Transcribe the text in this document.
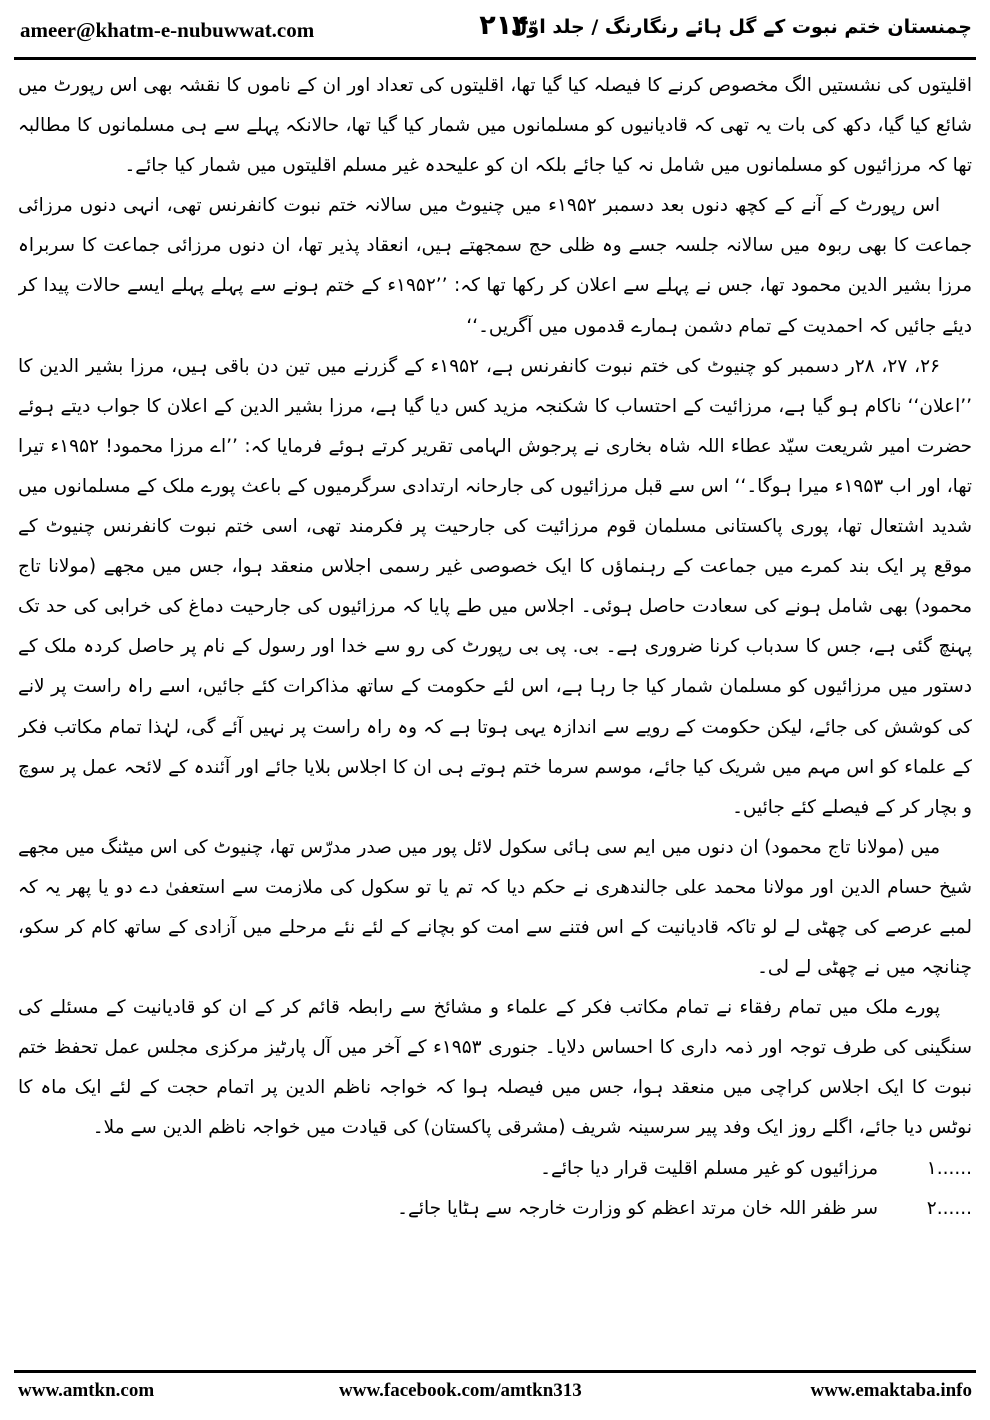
ameer@khatm-e-nubuwwat.com	۲۱۴
چمنستان ختم نبوت کے گل ہائے رنگارنگ / جلد اوّل

اقلیتوں کی نشستیں الگ مخصوص کرنے کا فیصلہ کیا گیا تھا، اقلیتوں کی تعداد اور ان کے ناموں کا نقشہ بھی اس رپورٹ میں شائع کیا گیا، دکھ کی بات یہ تھی کہ قادیانیوں کو مسلمانوں میں شمار کیا گیا تھا، حالانکہ پہلے سے ہی مسلمانوں کا مطالبہ تھا کہ مرزائیوں کو مسلمانوں میں شامل نہ کیا جائے بلکہ ان کو علیحدہ غیر مسلم اقلیتوں میں شمار کیا جائے۔

اس رپورٹ کے آنے کے کچھ دنوں بعد دسمبر ۱۹۵۲ء میں چنیوٹ میں سالانہ ختم نبوت کانفرنس تھی، انہی دنوں مرزائی جماعت کا بھی ربوہ میں سالانہ جلسہ جسے وہ ظلی حج سمجھتے ہیں، انعقاد پذیر تھا، ان دنوں مرزائی جماعت کا سربراہ مرزا بشیر الدین محمود تھا، جس نے پہلے سے اعلان کر رکھا تھا کہ: ’’۱۹۵۲ء کے ختم ہونے سے پہلے پہلے ایسے حالات پیدا کر دیئے جائیں کہ احمدیت کے تمام دشمن ہمارے قدموں میں آگریں۔‘‘

۲۶، ۲۷، ۲۸ر دسمبر کو چنیوٹ کی ختم نبوت کانفرنس ہے، ۱۹۵۲ء کے گزرنے میں تین دن باقی ہیں، مرزا بشیر الدین کا ’’اعلان‘‘ ناکام ہو گیا ہے، مرزائیت کے احتساب کا شکنجہ مزید کس دیا گیا ہے، مرزا بشیر الدین کے اعلان کا جواب دیتے ہوئے حضرت امیر شریعت سیّد عطاء اللہ شاہ بخاری نے پرجوش الہامی تقریر کرتے ہوئے فرمایا کہ: ’’اے مرزا محمود! ۱۹۵۲ء تیرا تھا، اور اب ۱۹۵۳ء میرا ہوگا۔‘‘ اس سے قبل مرزائیوں کی جارحانہ ارتدادی سرگرمیوں کے باعث پورے ملک کے مسلمانوں میں شدید اشتعال تھا، پوری پاکستانی مسلمان قوم مرزائیت کی جارحیت پر فکرمند تھی، اسی ختم نبوت کانفرنس چنیوٹ کے موقع پر ایک بند کمرے میں جماعت کے رہنماؤں کا ایک خصوصی غیر رسمی اجلاس منعقد ہوا، جس میں مجھے (مولانا تاج محمود) بھی شامل ہونے کی سعادت حاصل ہوئی۔ اجلاس میں طے پایا کہ مرزائیوں کی جارحیت دماغ کی خرابی کی حد تک پہنچ گئی ہے، جس کا سدباب کرنا ضروری ہے۔ بی. پی بی رپورٹ کی رو سے خدا اور رسول کے نام پر حاصل کردہ ملک کے دستور میں مرزائیوں کو مسلمان شمار کیا جا رہا ہے، اس لئے حکومت کے ساتھ مذاکرات کئے جائیں، اسے راہ راست پر لانے کی کوشش کی جائے، لیکن حکومت کے رویے سے اندازہ یہی ہوتا ہے کہ وہ راہ راست پر نہیں آئے گی، لہٰذا تمام مکاتب فکر کے علماء کو اس مہم میں شریک کیا جائے، موسم سرما ختم ہوتے ہی ان کا اجلاس بلایا جائے اور آئندہ کے لائحہ عمل پر سوچ و بچار کر کے فیصلے کئے جائیں۔

میں (مولانا تاج محمود) ان دنوں میں ایم سی ہائی سکول لائل پور میں صدر مدرّس تھا، چنیوٹ کی اس میٹنگ میں مجھے شیخ حسام الدین اور مولانا محمد علی جالندھری نے حکم دیا کہ تم یا تو سکول کی ملازمت سے استعفیٰ دے دو یا پھر یہ کہ لمبے عرصے کی چھٹی لے لو تاکہ قادیانیت کے اس فتنے سے امت کو بچانے کے لئے نئے مرحلے میں آزادی کے ساتھ کام کر سکو، چنانچہ میں نے چھٹی لے لی۔

پورے ملک میں تمام رفقاء نے تمام مکاتب فکر کے علماء و مشائخ سے رابطہ قائم کر کے ان کو قادیانیت کے مسئلے کی سنگینی کی طرف توجہ اور ذمہ داری کا احساس دلایا۔ جنوری ۱۹۵۳ء کے آخر میں آل پارٹیز مرکزی مجلس عمل تحفظ ختم نبوت کا ایک اجلاس کراچی میں منعقد ہوا، جس میں فیصلہ ہوا کہ خواجہ ناظم الدین پر اتمام حجت کے لئے ایک ماہ کا نوٹس دیا جائے، اگلے روز ایک وفد پیر سرسینہ شریف (مشرقی پاکستان) کی قیادت میں خواجہ ناظم الدین سے ملا۔

۱......
مرزائیوں کو غیر مسلم اقلیت قرار دیا جائے۔
۲......
سر ظفر اللہ خان مرتد اعظم کو وزارت خارجہ سے ہٹایا جائے۔
www.amtkn.com	www.facebook.com/amtkn313	www.emaktaba.info
